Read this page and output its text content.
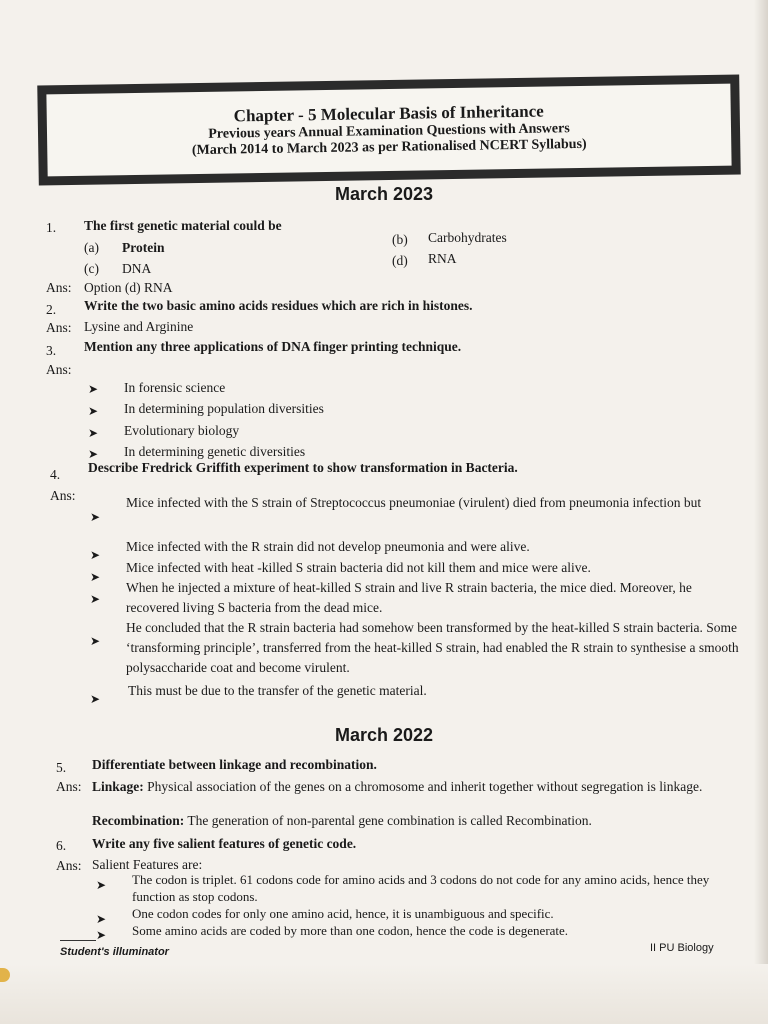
Chapter - 5 Molecular Basis of Inheritance
Previous years Annual Examination Questions with Answers
(March 2014 to March 2023 as per Rationalised NCERT Syllabus)
March 2023
1. The first genetic material could be
(a) Protein
(b) Carbohydrates
(c) DNA
(d) RNA
Ans: Option (d) RNA
2. Write the two basic amino acids residues which are rich in histones.
Ans: Lysine and Arginine
3. Mention any three applications of DNA finger printing technique.
Ans:
➤ In forensic science
➤ In determining population diversities
➤ Evolutionary biology
➤ In determining genetic diversities
4. Describe Fredrick Griffith experiment to show transformation in Bacteria.
Ans:
➤
Mice infected with the S strain of Streptococcus pneumoniae (virulent) died from pneumonia infection but
➤
Mice infected with the R strain did not develop pneumonia and were alive.
➤
Mice infected with heat -killed S strain bacteria did not kill them and mice were alive.
➤
When he injected a mixture of heat-killed S strain and live R strain bacteria, the mice died. Moreover, he recovered living S bacteria from the dead mice.
➤
He concluded that the R strain bacteria had somehow been transformed by the heat-killed S strain bacteria. Some ‘transforming principle’, transferred from the heat-killed S strain, had enabled the R strain to synthesise a smooth polysaccharide coat and become virulent.
➤
This must be due to the transfer of the genetic material.
March 2022
5. Differentiate between linkage and recombination.
Ans: Linkage: Physical association of the genes on a chromosome and inherit together without segregation is linkage.
Recombination: The generation of non-parental gene combination is called Recombination.
6. Write any five salient features of genetic code.
Ans: Salient Features are:
➤ The codon is triplet. 61 codons code for amino acids and 3 codons do not code for any amino acids, hence they function as stop codons.
➤ One codon codes for only one amino acid, hence, it is unambiguous and specific.
➤ Some amino acids are coded by more than one codon, hence the code is degenerate.
Student's illuminator	II PU Biology
